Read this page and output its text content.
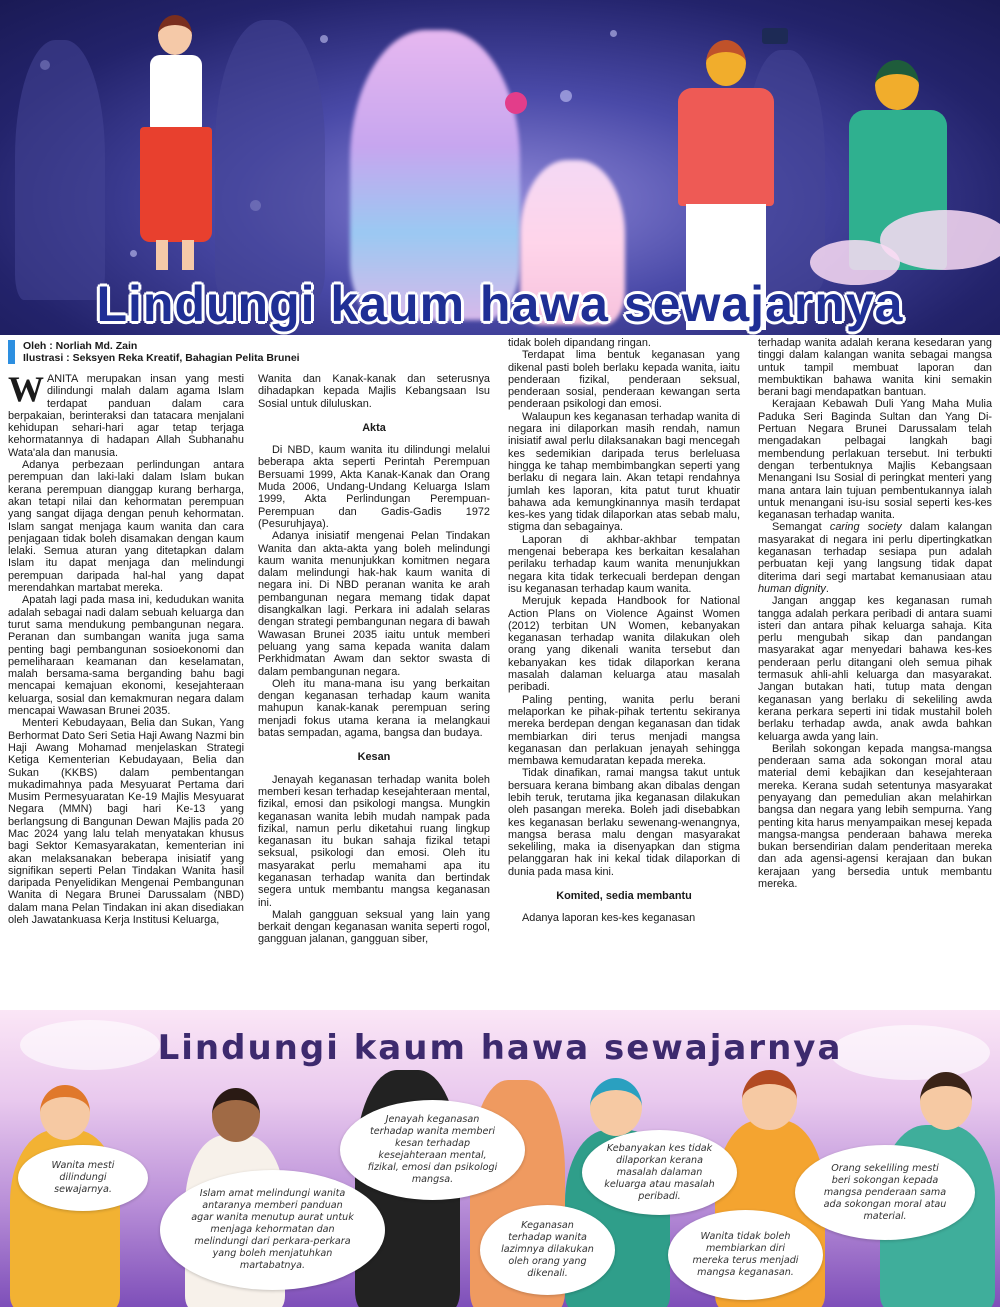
Lindungi kaum hawa sewajarnya
Oleh : Norliah Md. Zain
Ilustrasi : Seksyen Reka Kreatif, Bahagian Pelita Brunei

WANITA merupakan insan yang mesti dilindungi malah dalam agama Islam terdapat panduan dalam cara berpakaian, berinteraksi dan tatacara menjalani kehidupan sehari-hari agar tetap terjaga kehormatannya di hadapan Allah Subhanahu Wata'ala dan manusia.

Adanya perbezaan perlindungan antara perempuan dan laki-laki dalam Islam bukan kerana perempuan dianggap kurang berharga, akan tetapi nilai dan kehormatan perempuan yang sangat dijaga dengan penuh kehormatan. Islam sangat menjaga kaum wanita dan cara penjagaan tidak boleh disamakan dengan kaum lelaki. Semua aturan yang ditetapkan dalam Islam itu dapat menjaga dan melindungi perempuan daripada hal-hal yang dapat merendahkan martabat mereka.

Apatah lagi pada masa ini, kedudukan wanita adalah sebagai nadi dalam sebuah keluarga dan turut sama mendukung pembangunan negara. Peranan dan sumbangan wanita juga sama penting bagi pembangunan sosioekonomi dan pemeliharaan keamanan dan keselamatan, malah bersama-sama berganding bahu bagi mencapai kemajuan ekonomi, kesejahteraan keluarga, sosial dan kemakmuran negara dalam mencapai Wawasan Brunei 2035.

Menteri Kebudayaan, Belia dan Sukan, Yang Berhormat Dato Seri Setia Haji Awang Nazmi bin Haji Awang Mohamad menjelaskan Strategi Ketiga Kementerian Kebudayaan, Belia dan Sukan (KKBS) dalam pembentangan mukadimahnya pada Mesyuarat Pertama dari Musim Permesyuaratan Ke-19 Majlis Mesyuarat Negara (MMN) bagi hari Ke-13 yang berlangsung di Bangunan Dewan Majlis pada 20 Mac 2024 yang lalu telah menyatakan khusus bagi Sektor Kemasyarakatan, kementerian ini akan melaksanakan beberapa inisiatif yang signifikan seperti Pelan Tindakan Wanita hasil daripada Penyelidikan Mengenai Pembangunan Wanita di Negara Brunei Darussalam (NBD) dalam mana Pelan Tindakan ini akan disediakan oleh Jawatankuasa Kerja Institusi Keluarga,

Wanita dan Kanak-kanak dan seterusnya dihadapkan kepada Majlis Kebangsaan Isu Sosial untuk diluluskan.

Akta

Di NBD, kaum wanita itu dilindungi melalui beberapa akta seperti Perintah Perempuan Bersuami 1999, Akta Kanak-Kanak dan Orang Muda 2006, Undang-Undang Keluarga Islam 1999, Akta Perlindungan Perempuan-Perempuan dan Gadis-Gadis 1972 (Pesuruhjaya).

Adanya inisiatif mengenai Pelan Tindakan Wanita dan akta-akta yang boleh melindungi kaum wanita menunjukkan komitmen negara dalam melindungi hak-hak kaum wanita di negara ini. Di NBD peranan wanita ke arah pembangunan negara memang tidak dapat disangkalkan lagi. Perkara ini adalah selaras dengan strategi pembangunan negara di bawah Wawasan Brunei 2035 iaitu untuk memberi peluang yang sama kepada wanita dalam Perkhidmatan Awam dan sektor swasta di dalam pembangunan negara.

Oleh itu mana-mana isu yang berkaitan dengan keganasan terhadap kaum wanita mahupun kanak-kanak perempuan sering menjadi fokus utama kerana ia melangkaui batas sempadan, agama, bangsa dan budaya.

Kesan

Jenayah keganasan terhadap wanita boleh memberi kesan terhadap kesejahteraan mental, fizikal, emosi dan psikologi mangsa. Mungkin keganasan wanita lebih mudah nampak pada fizikal, namun perlu diketahui ruang lingkup keganasan itu bukan sahaja fizikal tetapi seksual, psikologi dan emosi. Oleh itu masyarakat perlu memahami apa itu keganasan terhadap wanita dan bertindak segera untuk membantu mangsa keganasan ini.

Malah gangguan seksual yang lain yang berkait dengan keganasan wanita seperti rogol, gangguan jalanan, gangguan siber,

tidak boleh dipandang ringan.

Terdapat lima bentuk keganasan yang dikenal pasti boleh berlaku kepada wanita, iaitu penderaan fizikal, penderaan seksual, penderaan sosial, penderaan kewangan serta penderaan psikologi dan emosi.

Walaupun kes keganasan terhadap wanita di negara ini dilaporkan masih rendah, namun inisiatif awal perlu dilaksanakan bagi mencegah kes sedemikian daripada terus berleluasa hingga ke tahap membimbangkan seperti yang berlaku di negara lain. Akan tetapi rendahnya jumlah kes laporan, kita patut turut khuatir bahawa ada kemungkinannya masih terdapat kes-kes yang tidak dilaporkan atas sebab malu, stigma dan sebagainya.

Laporan di akhbar-akhbar tempatan mengenai beberapa kes berkaitan kesalahan perilaku terhadap kaum wanita menunjukkan negara kita tidak terkecuali berdepan dengan isu keganasan terhadap kaum wanita.

Merujuk kepada Handbook for National Action Plans on Violence Against Women (2012) terbitan UN Women, kebanyakan keganasan terhadap wanita dilakukan oleh orang yang dikenali wanita tersebut dan kebanyakan kes tidak dilaporkan kerana masalah dalaman keluarga atau masalah peribadi.

Paling penting, wanita perlu berani melaporkan ke pihak-pihak tertentu sekiranya mereka berdepan dengan keganasan dan tidak membiarkan diri terus menjadi mangsa keganasan dan perlakuan jenayah sehingga membawa kemudaratan kepada mereka.

Tidak dinafikan, ramai mangsa takut untuk bersuara kerana bimbang akan dibalas dengan lebih teruk, terutama jika keganasan dilakukan oleh pasangan mereka. Boleh jadi disebabkan kes keganasan berlaku sewenang-wenangnya, mangsa berasa malu dengan masyarakat sekeliling, maka ia disenyapkan dan stigma pelanggaran hak ini kekal tidak dilaporkan di dunia pada masa kini.

Komited, sedia membantu

Adanya laporan kes-kes keganasan

terhadap wanita adalah kerana kesedaran yang tinggi dalam kalangan wanita sebagai mangsa untuk tampil membuat laporan dan membuktikan bahawa wanita kini semakin berani bagi mendapatkan bantuan.

Kerajaan Kebawah Duli Yang Maha Mulia Paduka Seri Baginda Sultan dan Yang Di-Pertuan Negara Brunei Darussalam telah mengadakan pelbagai langkah bagi membendung perlakuan tersebut. Ini terbukti dengan terbentuknya Majlis Kebangsaan Menangani Isu Sosial di peringkat menteri yang mana antara lain tujuan pembentukannya ialah untuk menangani isu-isu sosial seperti kes-kes keganasan terhadap wanita.

Semangat caring society dalam kalangan masyarakat di negara ini perlu dipertingkatkan keganasan terhadap sesiapa pun adalah perbuatan keji yang langsung tidak dapat diterima dari segi martabat kemanusiaan atau human dignity.

Jangan anggap kes keganasan rumah tangga adalah perkara peribadi di antara suami isteri dan antara pihak keluarga sahaja. Kita perlu mengubah sikap dan pandangan masyarakat agar menyedari bahawa kes-kes penderaan perlu ditangani oleh semua pihak termasuk ahli-ahli keluarga dan masyarakat. Jangan butakan hati, tutup mata dengan keganasan yang berlaku di sekeliling awda kerana perkara seperti ini tidak mustahil boleh berlaku terhadap awda, anak awda bahkan keluarga awda yang lain.

Berilah sokongan kepada mangsa-mangsa penderaan sama ada sokongan moral atau material demi kebajikan dan kesejahteraan mereka. Kerana sudah setentunya masyarakat penyayang dan pemedulian akan melahirkan bangsa dan negara yang lebih sempurna. Yang penting kita harus menyampaikan mesej kepada mangsa-mangsa penderaan bahawa mereka bukan bersendirian dalam penderitaan mereka dan ada agensi-agensi kerajaan dan bukan kerajaan yang bersedia untuk membantu mereka.

Lindungi kaum hawa sewajarnya
Wanita mesti dilindungi sewajarnya.	Islam amat melindungi wanita antaranya memberi panduan agar wanita menutup aurat untuk menjaga kehormatan dan melindungi dari perkara-perkara yang boleh menjatuhkan martabatnya.
Jenayah keganasan terhadap wanita memberi kesan terhadap kesejahteraan mental, fizikal, emosi dan psikologi mangsa.
Keganasan terhadap wanita lazimnya dilakukan oleh orang yang dikenali.
Kebanyakan kes tidak dilaporkan kerana masalah dalaman keluarga atau masalah peribadi.
Wanita tidak boleh membiarkan diri mereka terus menjadi mangsa keganasan.
Orang sekeliling mesti beri sokongan kepada mangsa penderaan sama ada sokongan moral atau material.
